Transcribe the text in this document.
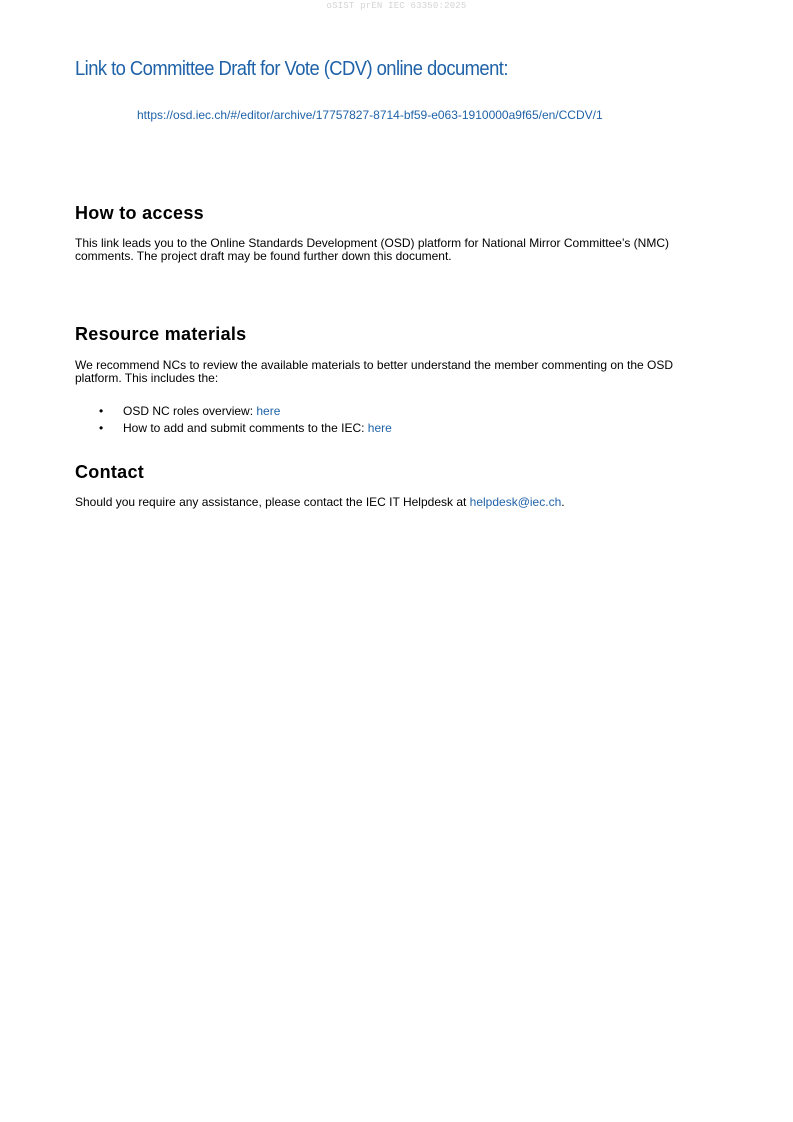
oSIST prEN IEC 63350:2025
Link to Committee Draft for Vote (CDV) online document:
https://osd.iec.ch/#/editor/archive/17757827-8714-bf59-e063-1910000a9f65/en/CCDV/1
How to access

This link leads you to the Online Standards Development (OSD) platform for National Mirror Committee’s (NMC) comments. The project draft may be found further down this document.

Resource materials

We recommend NCs to review the available materials to better understand the member commenting on the OSD platform. This includes the:

• OSD NC roles overview: here
• How to add and submit comments to the IEC: here
Contact

Should you require any assistance, please contact the IEC IT Helpdesk at helpdesk@iec.ch.
